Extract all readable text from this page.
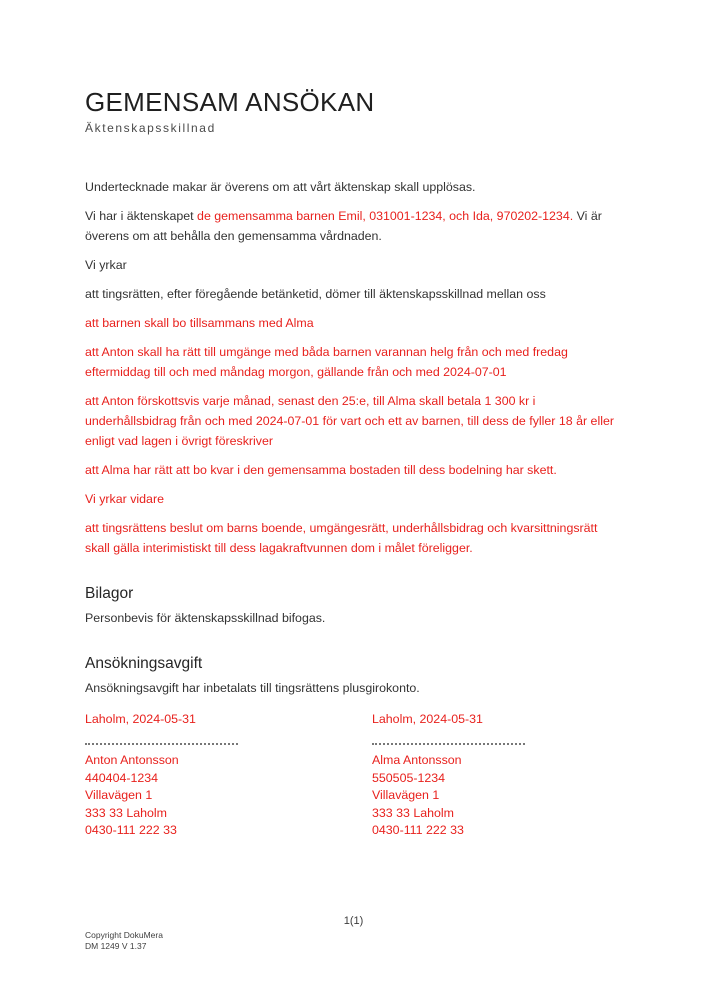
GEMENSAM ANSÖKAN
Äktenskapsskillnad

Undertecknade makar är överens om att vårt äktenskap skall upplösas.

Vi har i äktenskapet de gemensamma barnen Emil, 031001-1234, och Ida, 970202-1234. Vi är överens om att behålla den gemensamma vårdnaden.

Vi yrkar

att tingsrätten, efter föregående betänketid, dömer till äktenskapsskillnad mellan oss

att barnen skall bo tillsammans med Alma

att Anton skall ha rätt till umgänge med båda barnen varannan helg från och med fredag eftermiddag till och med måndag morgon, gällande från och med 2024-07-01

att Anton förskottsvis varje månad, senast den 25:e, till Alma skall betala 1 300 kr i underhållsbidrag från och med 2024-07-01 för vart och ett av barnen, till dess de fyller 18 år eller enligt vad lagen i övrigt föreskriver

att Alma har rätt att bo kvar i den gemensamma bostaden till dess bodelning har skett.

Vi yrkar vidare

att tingsrättens beslut om barns boende, umgängesrätt, underhållsbidrag och kvarsittningsrätt skall gälla interimistiskt till dess lagakraftvunnen dom i målet föreligger.

Bilagor

Personbevis för äktenskapsskillnad bifogas.

Ansökningsavgift

Ansökningsavgift har inbetalats till tingsrättens plusgirokonto.

Laholm, 2024-05-31
Anton Antonsson
440404-1234
Villavägen 1
333 33 Laholm
0430-111 222 33
Laholm, 2024-05-31
Alma Antonsson
550505-1234
Villavägen 1
333 33 Laholm
0430-111 222 33
1(1)
Copyright DokuMera
DM 1249 V 1.37
